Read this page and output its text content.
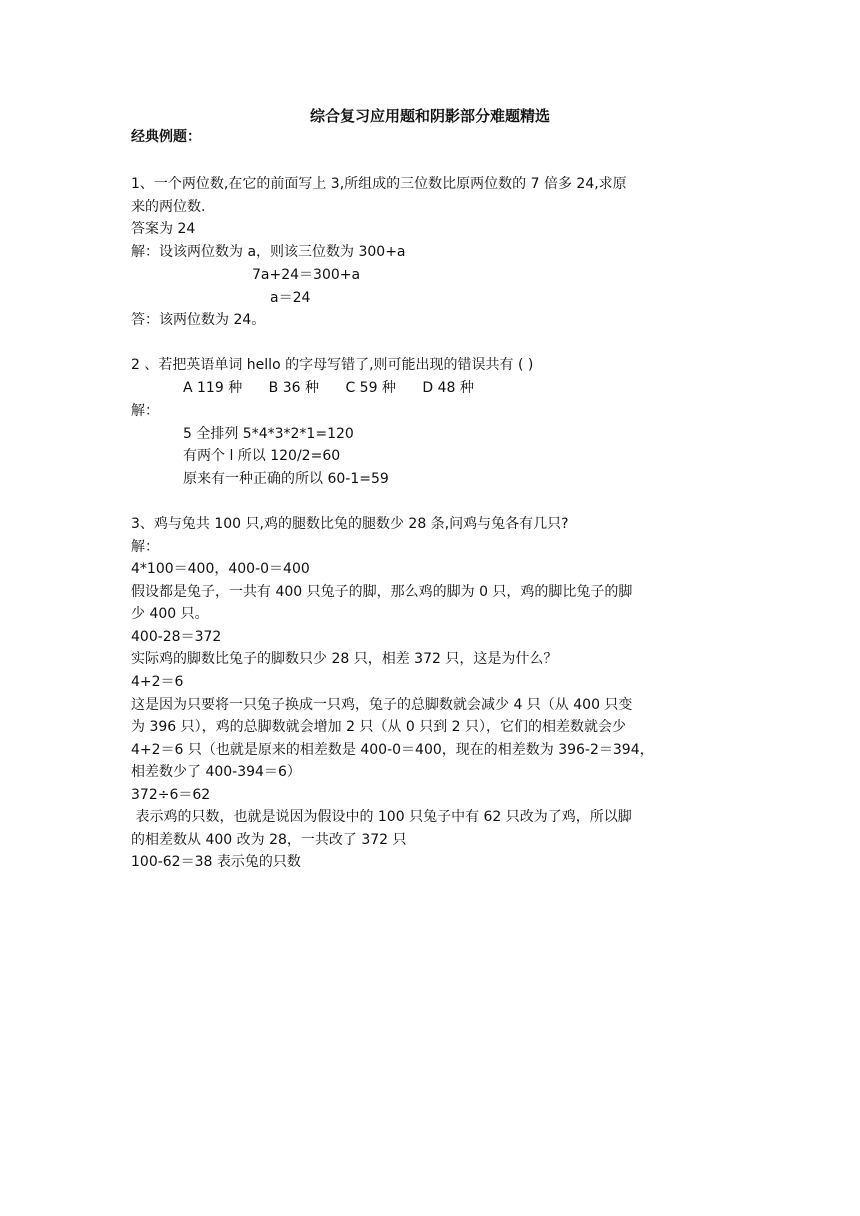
综合复习应用题和阴影部分难题精选
经典例题：
1、一个两位数,在它的前面写上 3,所组成的三位数比原两位数的 7 倍多 24,求原
来的两位数.
答案为 24
解：设该两位数为 a，则该三位数为 300+a
7a+24＝300+a
a＝24
答：该两位数为 24。
2 、若把英语单词 hello 的字母写错了,则可能出现的错误共有 ( )
A 119 种 B 36 种 C 59 种 D 48 种
解：
5 全排列 5*4*3*2*1=120
有两个 l 所以 120/2=60
原来有一种正确的所以 60-1=59
3、鸡与兔共 100 只,鸡的腿数比兔的腿数少 28 条,问鸡与兔各有几只?
解：
4*100＝400，400-0＝400
假设都是兔子，一共有 400 只兔子的脚，那么鸡的脚为 0 只，鸡的脚比兔子的脚
少 400 只。
400-28＝372
实际鸡的脚数比兔子的脚数只少 28 只，相差 372 只，这是为什么？
4+2＝6
这是因为只要将一只兔子换成一只鸡，兔子的总脚数就会减少 4 只（从 400 只变
为 396 只），鸡的总脚数就会增加 2 只（从 0 只到 2 只），它们的相差数就会少
4+2＝6 只（也就是原来的相差数是 400-0＝400，现在的相差数为 396-2＝394，
相差数少了 400-394＝6）
372÷6＝62
表示鸡的只数，也就是说因为假设中的 100 只兔子中有 62 只改为了鸡，所以脚
的相差数从 400 改为 28，一共改了 372 只
100-62＝38 表示兔的只数
